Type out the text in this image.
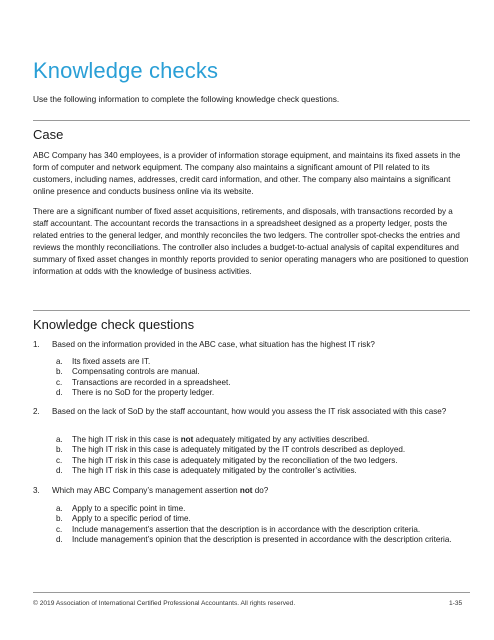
Knowledge checks
Use the following information to complete the following knowledge check questions.
Case

ABC Company has 340 employees, is a provider of information storage equipment, and maintains its fixed assets in the form of computer and network equipment. The company also maintains a significant amount of PII related to its customers, including names, addresses, credit card information, and other. The company also maintains a significant online presence and conducts business online via its website.

There are a significant number of fixed asset acquisitions, retirements, and disposals, with transactions recorded by a staff accountant. The accountant records the transactions in a spreadsheet designed as a property ledger, posts the related entries to the general ledger, and monthly reconciles the two ledgers. The controller spot-checks the entries and reviews the monthly reconciliations. The controller also includes a budget-to-actual analysis of capital expenditures and summary of fixed asset changes in monthly reports provided to senior operating managers who are positioned to question information at odds with the knowledge of business activities.

Knowledge check questions
1. Based on the information provided in the ABC case, what situation has the highest IT risk?
a. Its fixed assets are IT.
b. Compensating controls are manual.
c. Transactions are recorded in a spreadsheet.
d. There is no SoD for the property ledger.
2. Based on the lack of SoD by the staff accountant, how would you assess the IT risk associated with this case?
a. The high IT risk in this case is not adequately mitigated by any activities described.
b. The high IT risk in this case is adequately mitigated by the IT controls described as deployed.
c. The high IT risk in this case is adequately mitigated by the reconciliation of the two ledgers.
d. The high IT risk in this case is adequately mitigated by the controller’s activities.
3. Which may ABC Company’s management assertion not do?
a. Apply to a specific point in time.
b. Apply to a specific period of time.
c. Include management’s assertion that the description is in accordance with the description criteria.
d. Include management’s opinion that the description is presented in accordance with the description criteria.
© 2019 Association of International Certified Professional Accountants. All rights reserved.	1-35
